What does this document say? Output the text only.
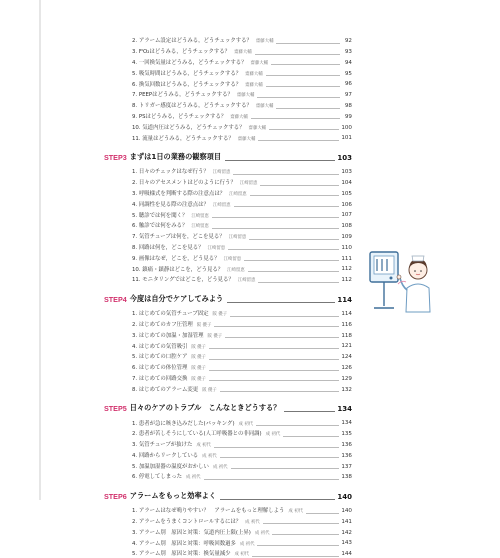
2. アラーム設定はどうみる，どうチェックする？ 齋藤大輔	92
3. FᴵO₂はどうみる，どうチェックする？ 齋藤大輔	93
4. 一回換気量はどうみる，どうチェックする？ 齋藤大輔	94
5. 吸気時間はどうみる，どうチェックする？ 齋藤大輔	95
6. 換気回数はどうみる，どうチェックする？ 齋藤大輔	96
7. PEEPはどうみる，どうチェックする？ 齋藤大輔	97
8. トリガー感度はどうみる，どうチェックする？ 齋藤大輔	98
9. PSはどうみる，どうチェックする？ 齋藤大輔	99
10. 気道内圧はどうみる，どうチェックする？ 齋藤大輔	100
11. 流量はどうみる，どうチェックする？ 齋藤大輔	101
STEP3 まずは1日の業務の観察項目	103
1. 日々のチェックはなぜ行う？ 江崎留恵	103
2. 日々のアセスメントはどのように行う？ 江崎留恵	104
3. 呼吸様式を判断する際の注意点は？ 江崎留恵	105
4. 同調性を見る際の注意点は？ 江崎留恵	106
5. 聴診では何を聞く？ 江崎留恵	107
6. 触診では何をみる？ 江崎留恵	108
7. 気管チューブは何を，どこを見る？ 江崎留恵	109
8. 回路は何を，どこを見る？ 江崎留恵	110
9. 画像はなぜ，どこを，どう見る？ 江崎留恵	111
10. 鎮痛・鎮静はどこを，どう見る？ 江崎留恵	112
11. モニタリングではどこを，どう見る？ 江崎留恵	112
STEP4 今度は自分でケアしてみよう	114
1. はじめての気管チューブ固定 阪 優子	114
2. はじめてのカフ圧管理 阪 優子	116
3. はじめての加温・加湿管理 阪 優子	118
4. はじめての気管吸引 阪 優子	121
5. はじめての口腔ケア 阪 優子	124
6. はじめての体位管理 阪 優子	126
7. はじめての回路交換 阪 優子	129
8. はじめてのアラーム変更 阪 優子	132
STEP5 日々のケアのトラブル　こんなときどうする？	134
1. 患者が急に咳き込みだした(バッキング) 成 初代	134
2. 患者が苦しそうにしている(人工呼吸器との非同調) 成 初代	135
3. 気管チューブが抜けた 成 初代	136
4. 回路からリークしている 成 初代	136
5. 加温加湿器の温度がおかしい 成 初代	137
6. 停電してしまった 成 初代	138
STEP6 アラームをもっと効率よく	140
1. アラームはなぜ鳴りやすい？　アラームをもっと理解しよう 成 初代	140
2. アラームをうまくコントロールするには？ 成 初代	141
3. アラーム別　原因と対策：気道内圧上限(上昇) 成 初代	142
4. アラーム別　原因と対策：呼吸回数過多 成 初代	143
5. アラーム別　原因と対策：換気量減少 成 初代	144
